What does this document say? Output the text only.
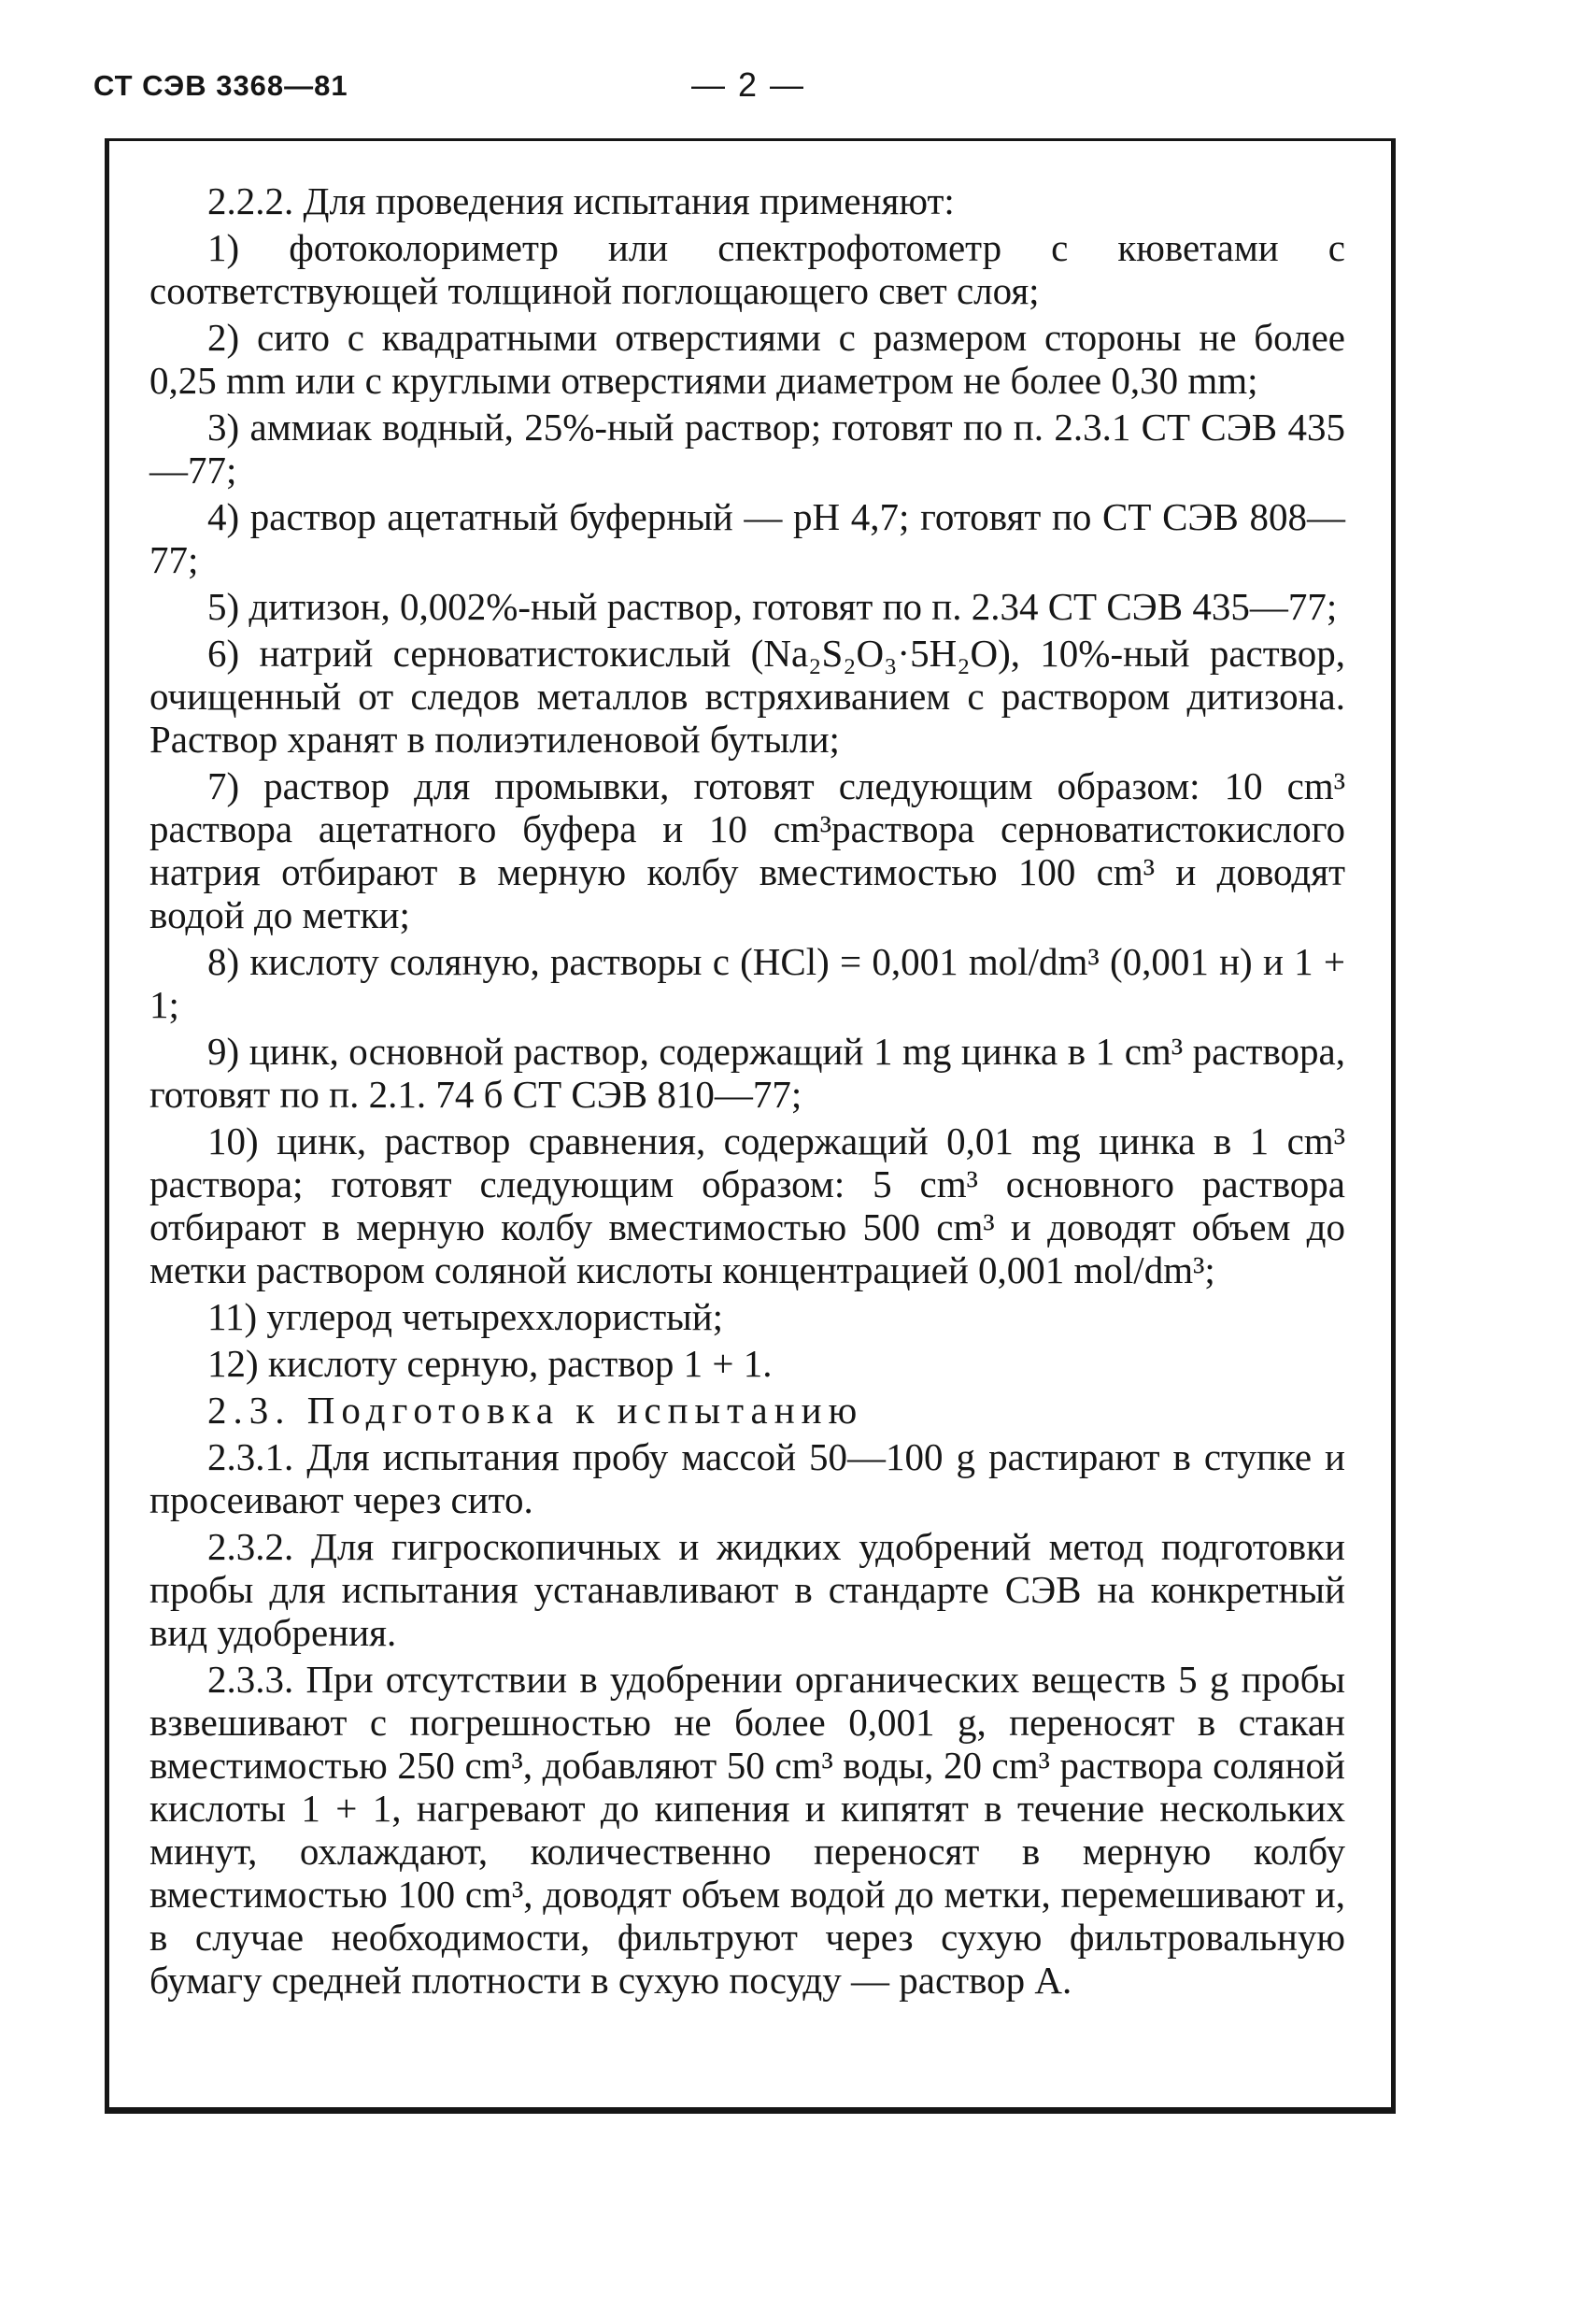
СТ СЭВ 3368—81	— 2 —

2.2.2. Для проведения испытания применяют:

1) фотоколориметр или спектрофотометр с кюветами с соответствующей толщиной поглощающего свет слоя;

2) сито с квадратными отверстиями с размером стороны не более 0,25 mm или с круглыми отверстиями диаметром не более 0,30 mm;

3) аммиак водный, 25%-ный раствор; готовят по п. 2.3.1 СТ СЭВ 435—77;

4) раствор ацетатный буферный — pH 4,7; готовят по СТ СЭВ 808—77;

5) дитизон, 0,002%-ный раствор, готовят по п. 2.34 СТ СЭВ 435—77;

6) натрий серноватистокислый (Na₂S₂O₃·5H₂O), 10%-ный раствор, очищенный от следов металлов встряхиванием с раствором дитизона. Раствор хранят в полиэтиленовой бутыли;

7) раствор для промывки, готовят следующим образом: 10 cm³ раствора ацетатного буфера и 10 cm³раствора серноватистокислого натрия отбирают в мерную колбу вместимостью 100 cm³ и доводят водой до метки;

8) кислоту соляную, растворы c (HCl) = 0,001 mol/dm³ (0,001 н) и 1 + 1;

9) цинк, основной раствор, содержащий 1 mg цинка в 1 cm³ раствора, готовят по п. 2.1. 74 б СТ СЭВ 810—77;

10) цинк, раствор сравнения, содержащий 0,01 mg цинка в 1 cm³ раствора; готовят следующим образом: 5 cm³ основного раствора отбирают в мерную колбу вместимостью 500 cm³ и доводят объем до метки раствором соляной кислоты концентрацией 0,001 mol/dm³;

11) углерод четыреххлористый;

12) кислоту серную, раствор 1 + 1.

2.3. Подготовка к испытанию

2.3.1. Для испытания пробу массой 50—100 g растирают в ступке и просеивают через сито.

2.3.2. Для гигроскопичных и жидких удобрений метод подготовки пробы для испытания устанавливают в стандарте СЭВ на конкретный вид удобрения.

2.3.3. При отсутствии в удобрении органических веществ 5 g пробы взвешивают с погрешностью не более 0,001 g, переносят в стакан вместимостью 250 cm³, добавляют 50 cm³ воды, 20 cm³ раствора соляной кислоты 1 + 1, нагревают до кипения и кипятят в течение нескольких минут, охлаждают, количественно переносят в мерную колбу вместимостью 100 cm³, доводят объем водой до метки, перемешивают и, в случае необходимости, фильтруют через сухую фильтровальную бумагу средней плотности в сухую посуду — раствор А.
